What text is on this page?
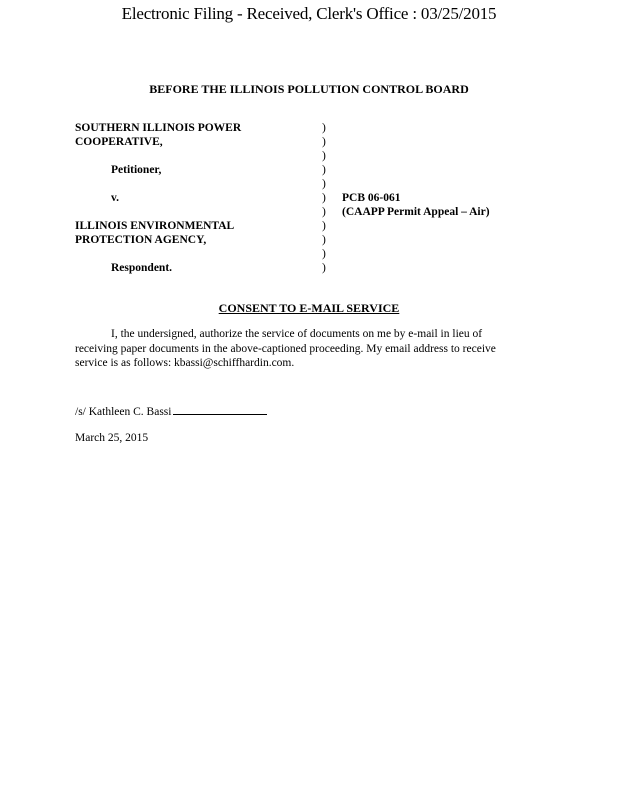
Electronic Filing - Received, Clerk's Office : 03/25/2015
BEFORE THE ILLINOIS POLLUTION CONTROL BOARD
SOUTHERN ILLINOIS POWER
COOPERATIVE,
Petitioner,
v.
ILLINOIS ENVIRONMENTAL
PROTECTION AGENCY,
Respondent.
)
)
)
)
)
)
)
)
)
)
)
PCB 06-061
(CAAPP Permit Appeal – Air)
CONSENT TO E-MAIL SERVICE
I, the undersigned, authorize the service of documents on me by e-mail in lieu of receiving paper documents in the above-captioned proceeding. My email address to receive service is as follows: kbassi@schiffhardin.com.
/s/ Kathleen C. Bassi
March 25, 2015
